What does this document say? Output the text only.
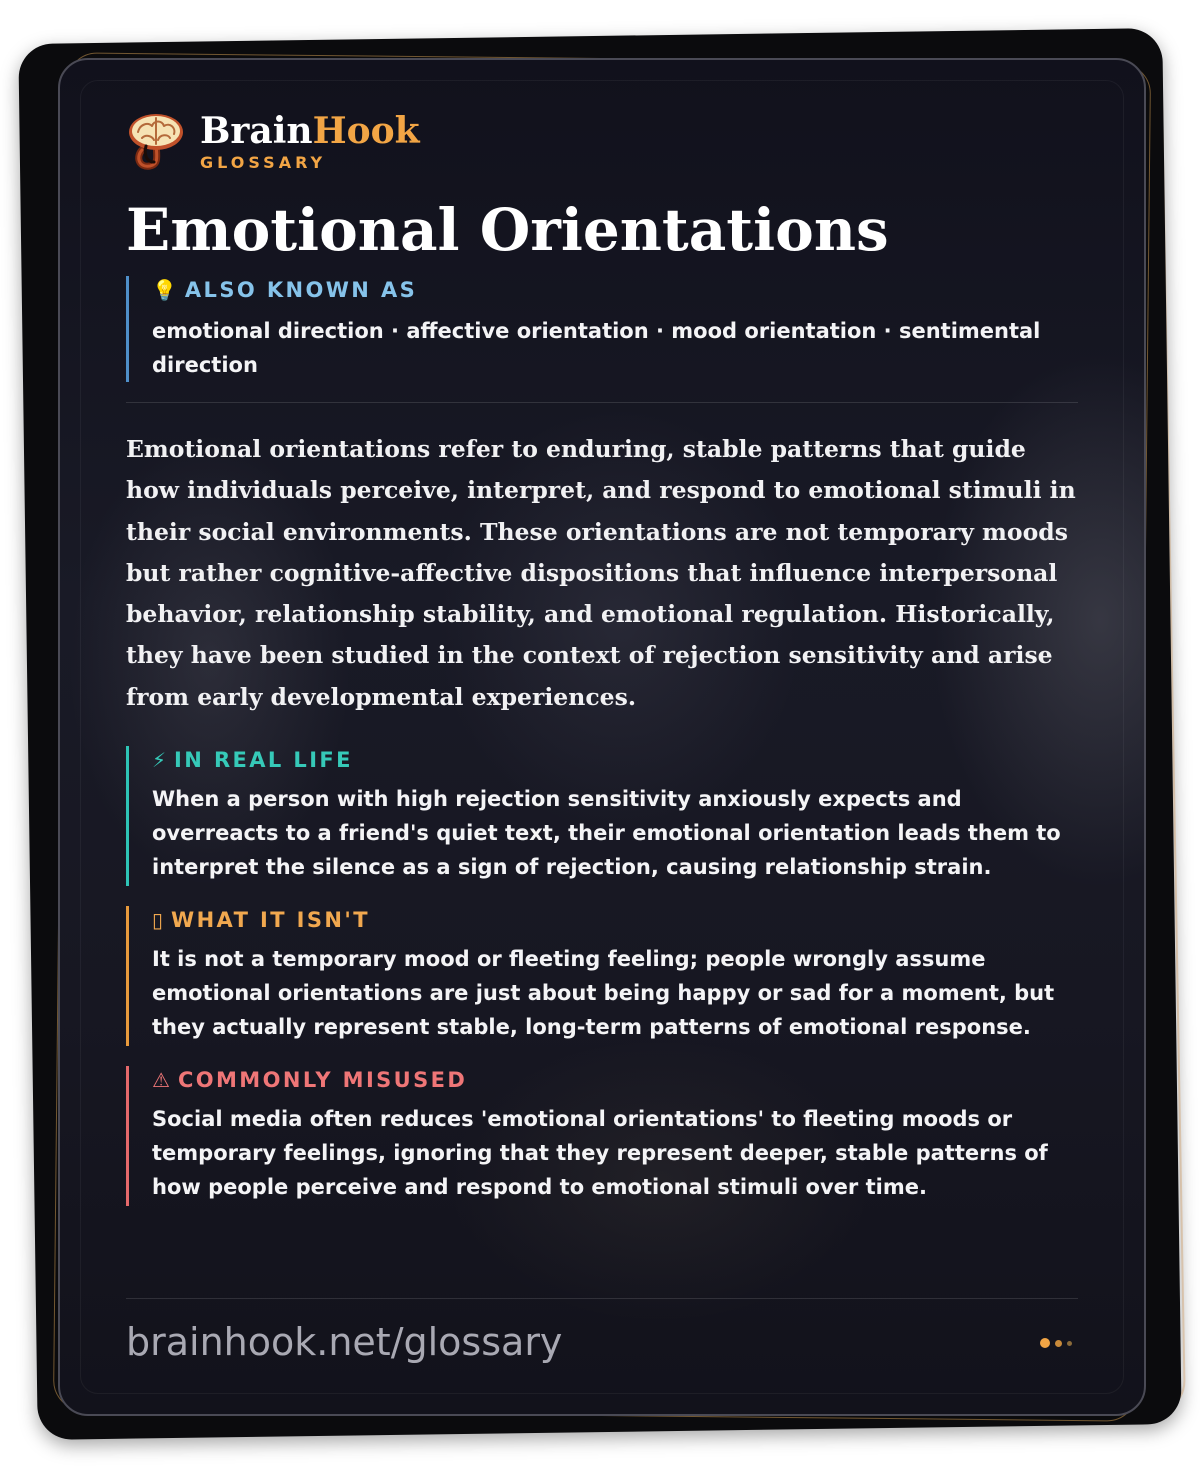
BrainHook
GLOSSARY
Emotional Orientations
💡 ALSO KNOWN AS
emotional direction · affective orientation · mood orientation · sentimental direction
Emotional orientations refer to enduring, stable patterns that guide how individuals perceive, interpret, and respond to emotional stimuli in their social environments. These orientations are not temporary moods but rather cognitive-affective dispositions that influence interpersonal behavior, relationship stability, and emotional regulation. Historically, they have been studied in the context of rejection sensitivity and arise from early developmental experiences.
⚡ IN REAL LIFE
When a person with high rejection sensitivity anxiously expects and overreacts to a friend's quiet text, their emotional orientation leads them to interpret the silence as a sign of rejection, causing relationship strain.
▯ WHAT IT ISN'T
It is not a temporary mood or fleeting feeling; people wrongly assume emotional orientations are just about being happy or sad for a moment, but they actually represent stable, long-term patterns of emotional response.
⚠ COMMONLY MISUSED
Social media often reduces 'emotional orientations' to fleeting moods or temporary feelings, ignoring that they represent deeper, stable patterns of how people perceive and respond to emotional stimuli over time.
brainhook.net/glossary
